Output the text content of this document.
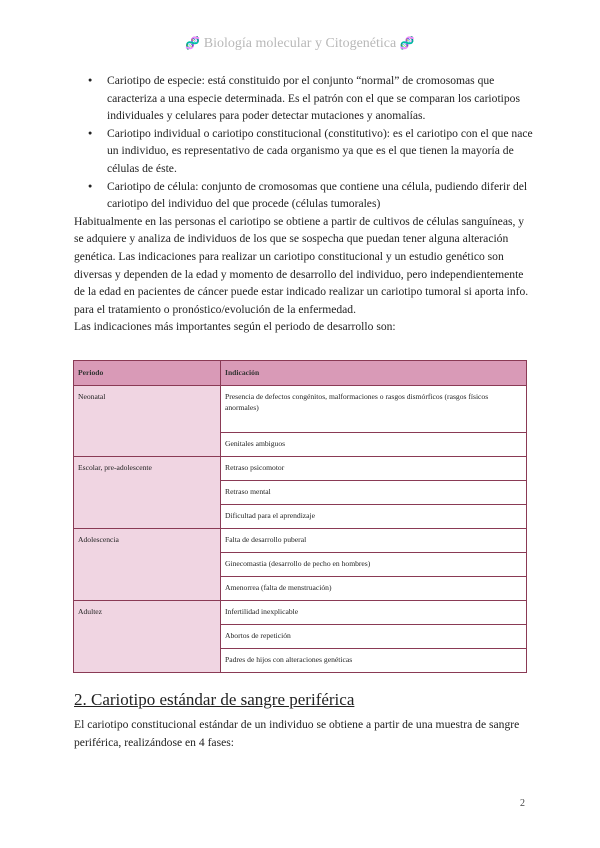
🧬 Biología molecular y Citogenética 🧬
● Cariotipo de especie: está constituido por el conjunto “normal” de cromosomas que caracteriza a una especie determinada. Es el patrón con el que se comparan los cariotipos individuales y celulares para poder detectar mutaciones y anomalías.
● Cariotipo individual o cariotipo constitucional (constitutivo): es el cariotipo con el que nace un individuo, es representativo de cada organismo ya que es el que tienen la mayoría de células de éste.
● Cariotipo de célula: conjunto de cromosomas que contiene una célula, pudiendo diferir del cariotipo del individuo del que procede (células tumorales)

Habitualmente en las personas el cariotipo se obtiene a partir de cultivos de células sanguíneas, y se adquiere y analiza de individuos de los que se sospecha que puedan tener alguna alteración genética. Las indicaciones para realizar un cariotipo constitucional y un estudio genético son diversas y dependen de la edad y momento de desarrollo del individuo, pero independientemente de la edad en pacientes de cáncer puede estar indicado realizar un cariotipo tumoral si aporta info. para el tratamiento o pronóstico/evolución de la enfermedad.

Las indicaciones más importantes según el periodo de desarrollo son:

Periodo	Indicación
Neonatal	Presencia de defectos congénitos, malformaciones o rasgos dismórficos (rasgos físicos anormales)
	Genitales ambiguos
Escolar, pre-adolescente	Retraso psicomotor
	Retraso mental
	Dificultad para el aprendizaje
Adolescencia	Falta de desarrollo puberal
	Ginecomastia (desarrollo de pecho en hombres)
	Amenorrea (falta de menstruación)
Adultez	Infertilidad inexplicable
	Abortos de repetición
	Padres de hijos con alteraciones genéticas
2. Cariotipo estándar de sangre periférica

El cariotipo constitucional estándar de un individuo se obtiene a partir de una muestra de sangre periférica, realizándose en 4 fases:

2
